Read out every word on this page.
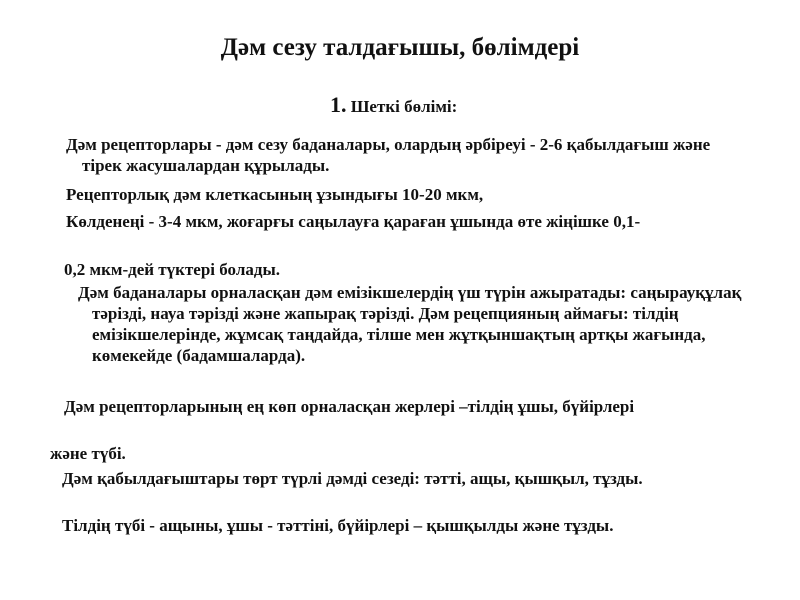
Дәм сезу талдағышы, бөлімдері
1. Шеткі бөлімі:

Дәм рецепторлары - дәм сезу баданалары, олардың әрбіреуі - 2-6 қабылдағыш және тірек жасушалардан құрылады.

Рецепторлық дәм клеткасының ұзындығы 10-20 мкм,

Көлденеңі - 3-4 мкм, жоғарғы саңылауға қараған ұшында өте жіңішке 0,1-

0,2 мкм-дей түктері болады.

Дәм баданалары орналасқан дәм емізікшелердің үш түрін ажыратады: саңырауқұлақ тәрізді, науа тәрізді және жапырақ тәрізді. Дәм рецепцияның аймағы: тілдің емізікшелерінде, жұмсақ таңдайда, тілше мен жұтқыншақтың артқы жағында, көмекейде (бадамшаларда).

Дәм рецепторларының ең көп орналасқан жерлері –тілдің ұшы, бүйірлері

және түбі.

Дәм қабылдағыштары төрт түрлі дәмді сезеді: тәтті, ащы, қышқыл, тұзды.

Тілдің түбі - ащыны, ұшы - тәттіні, бүйірлері – қышқылды және тұзды.
